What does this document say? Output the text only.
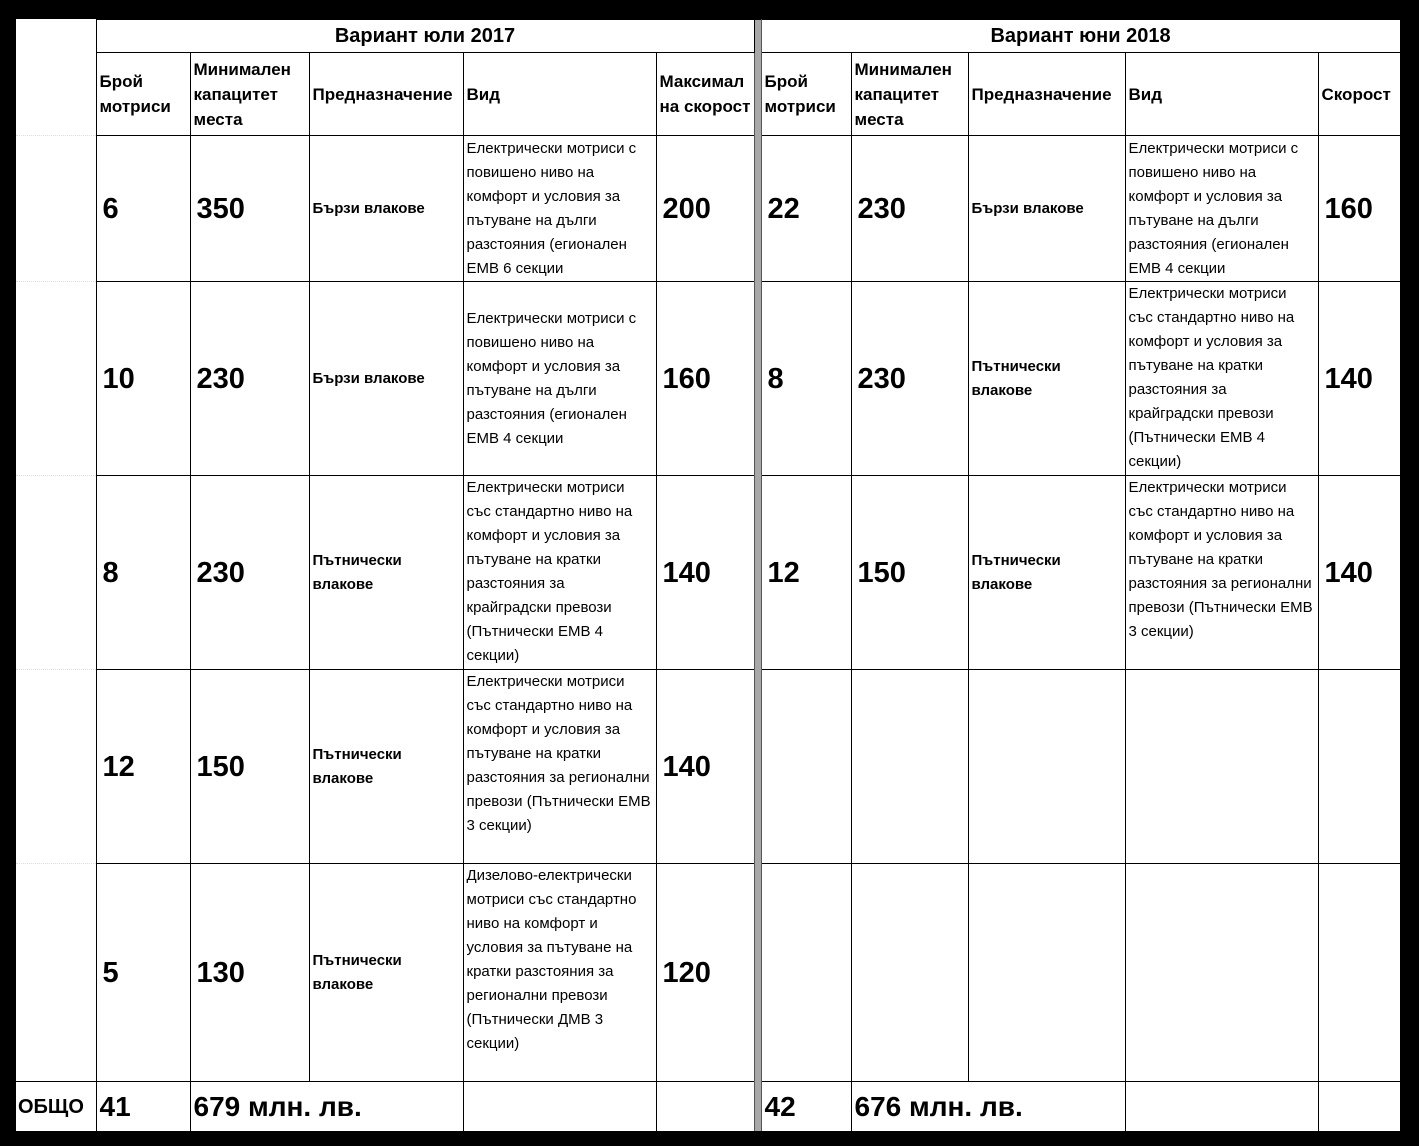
	Вариант юли 2017						Вариант юни 2018				
	Брой мотриси	Минимален капацитет места	Предназначение	Вид	Максимал на скорост		Брой мотриси	Минимален капацитет места	Предназначение	Вид	Скорост
	6	350	Бързи влакове	Електрически мотриси с повишено ниво на комфорт и условия за пътуване на дълги разстояния (егионален ЕМВ 6 секции	200		22	230	Бързи влакове	Електрически мотриси с повишено ниво на комфорт и условия за пътуване на дълги разстояния (егионален ЕМВ 4 секции	160
	10	230	Бързи влакове	Електрически мотриси с повишено ниво на комфорт и условия за пътуване на дълги разстояния (егионален ЕМВ 4 секции	160		8	230	Пътнически влакове	Електрически мотриси със стандартно ниво на комфорт и условия за пътуване на кратки разстояния за крайградски превози (Пътнически ЕМВ 4 секции)	140
	8	230	Пътнически влакове	Електрически мотриси със стандартно ниво на комфорт и условия за пътуване на кратки разстояния за крайградски превози (Пътнически ЕМВ 4 секции)	140		12	150	Пътнически влакове	Електрически мотриси със стандартно ниво на комфорт и условия за пътуване на кратки разстояния за регионални превози (Пътнически ЕМВ 3 секции)	140
	12	150	Пътнически влакове	Електрически мотриси със стандартно ниво на комфорт и условия за пътуване на кратки разстояния за регионални превози (Пътнически ЕМВ 3 секции)	140						
	5	130	Пътнически влакове	Дизелово-електрически мотриси със стандартно ниво на комфорт и условия за пътуване на кратки разстояния за регионални превози (Пътнически ДМВ 3 секции)	120						
ОБЩО	41	679 млн. лв.					42	676 млн. лв.			
